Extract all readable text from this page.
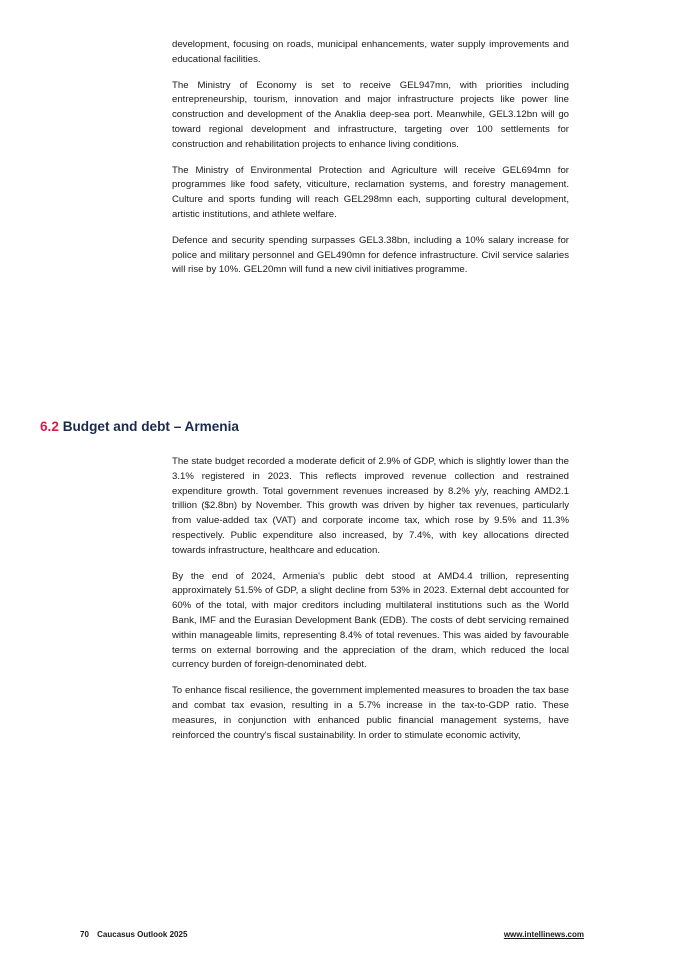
development, focusing on roads, municipal enhancements, water supply improvements and educational facilities.

The Ministry of Economy is set to receive GEL947mn, with priorities including entrepreneurship, tourism, innovation and major infrastructure projects like power line construction and development of the Anaklia deep-sea port. Meanwhile, GEL3.12bn will go toward regional development and infrastructure, targeting over 100 settlements for construction and rehabilitation projects to enhance living conditions.

The Ministry of Environmental Protection and Agriculture will receive GEL694mn for programmes like food safety, viticulture, reclamation systems, and forestry management. Culture and sports funding will reach GEL298mn each, supporting cultural development, artistic institutions, and athlete welfare.

Defence and security spending surpasses GEL3.38bn, including a 10% salary increase for police and military personnel and GEL490mn for defence infrastructure. Civil service salaries will rise by 10%. GEL20mn will fund a new civil initiatives programme.

6.2 Budget and debt – Armenia

The state budget recorded a moderate deficit of 2.9% of GDP, which is slightly lower than the 3.1% registered in 2023. This reflects improved revenue collection and restrained expenditure growth. Total government revenues increased by 8.2% y/y, reaching AMD2.1 trillion ($2.8bn) by November. This growth was driven by higher tax revenues, particularly from value-added tax (VAT) and corporate income tax, which rose by 9.5% and 11.3% respectively. Public expenditure also increased, by 7.4%, with key allocations directed towards infrastructure, healthcare and education.

By the end of 2024, Armenia's public debt stood at AMD4.4 trillion, representing approximately 51.5% of GDP, a slight decline from 53% in 2023. External debt accounted for 60% of the total, with major creditors including multilateral institutions such as the World Bank, IMF and the Eurasian Development Bank (EDB). The costs of debt servicing remained within manageable limits, representing 8.4% of total revenues. This was aided by favourable terms on external borrowing and the appreciation of the dram, which reduced the local currency burden of foreign-denominated debt.

To enhance fiscal resilience, the government implemented measures to broaden the tax base and combat tax evasion, resulting in a 5.7% increase in the tax-to-GDP ratio. These measures, in conjunction with enhanced public financial management systems, have reinforced the country's fiscal sustainability. In order to stimulate economic activity,

70 Caucasus Outlook 2025	www.intellinews.com
